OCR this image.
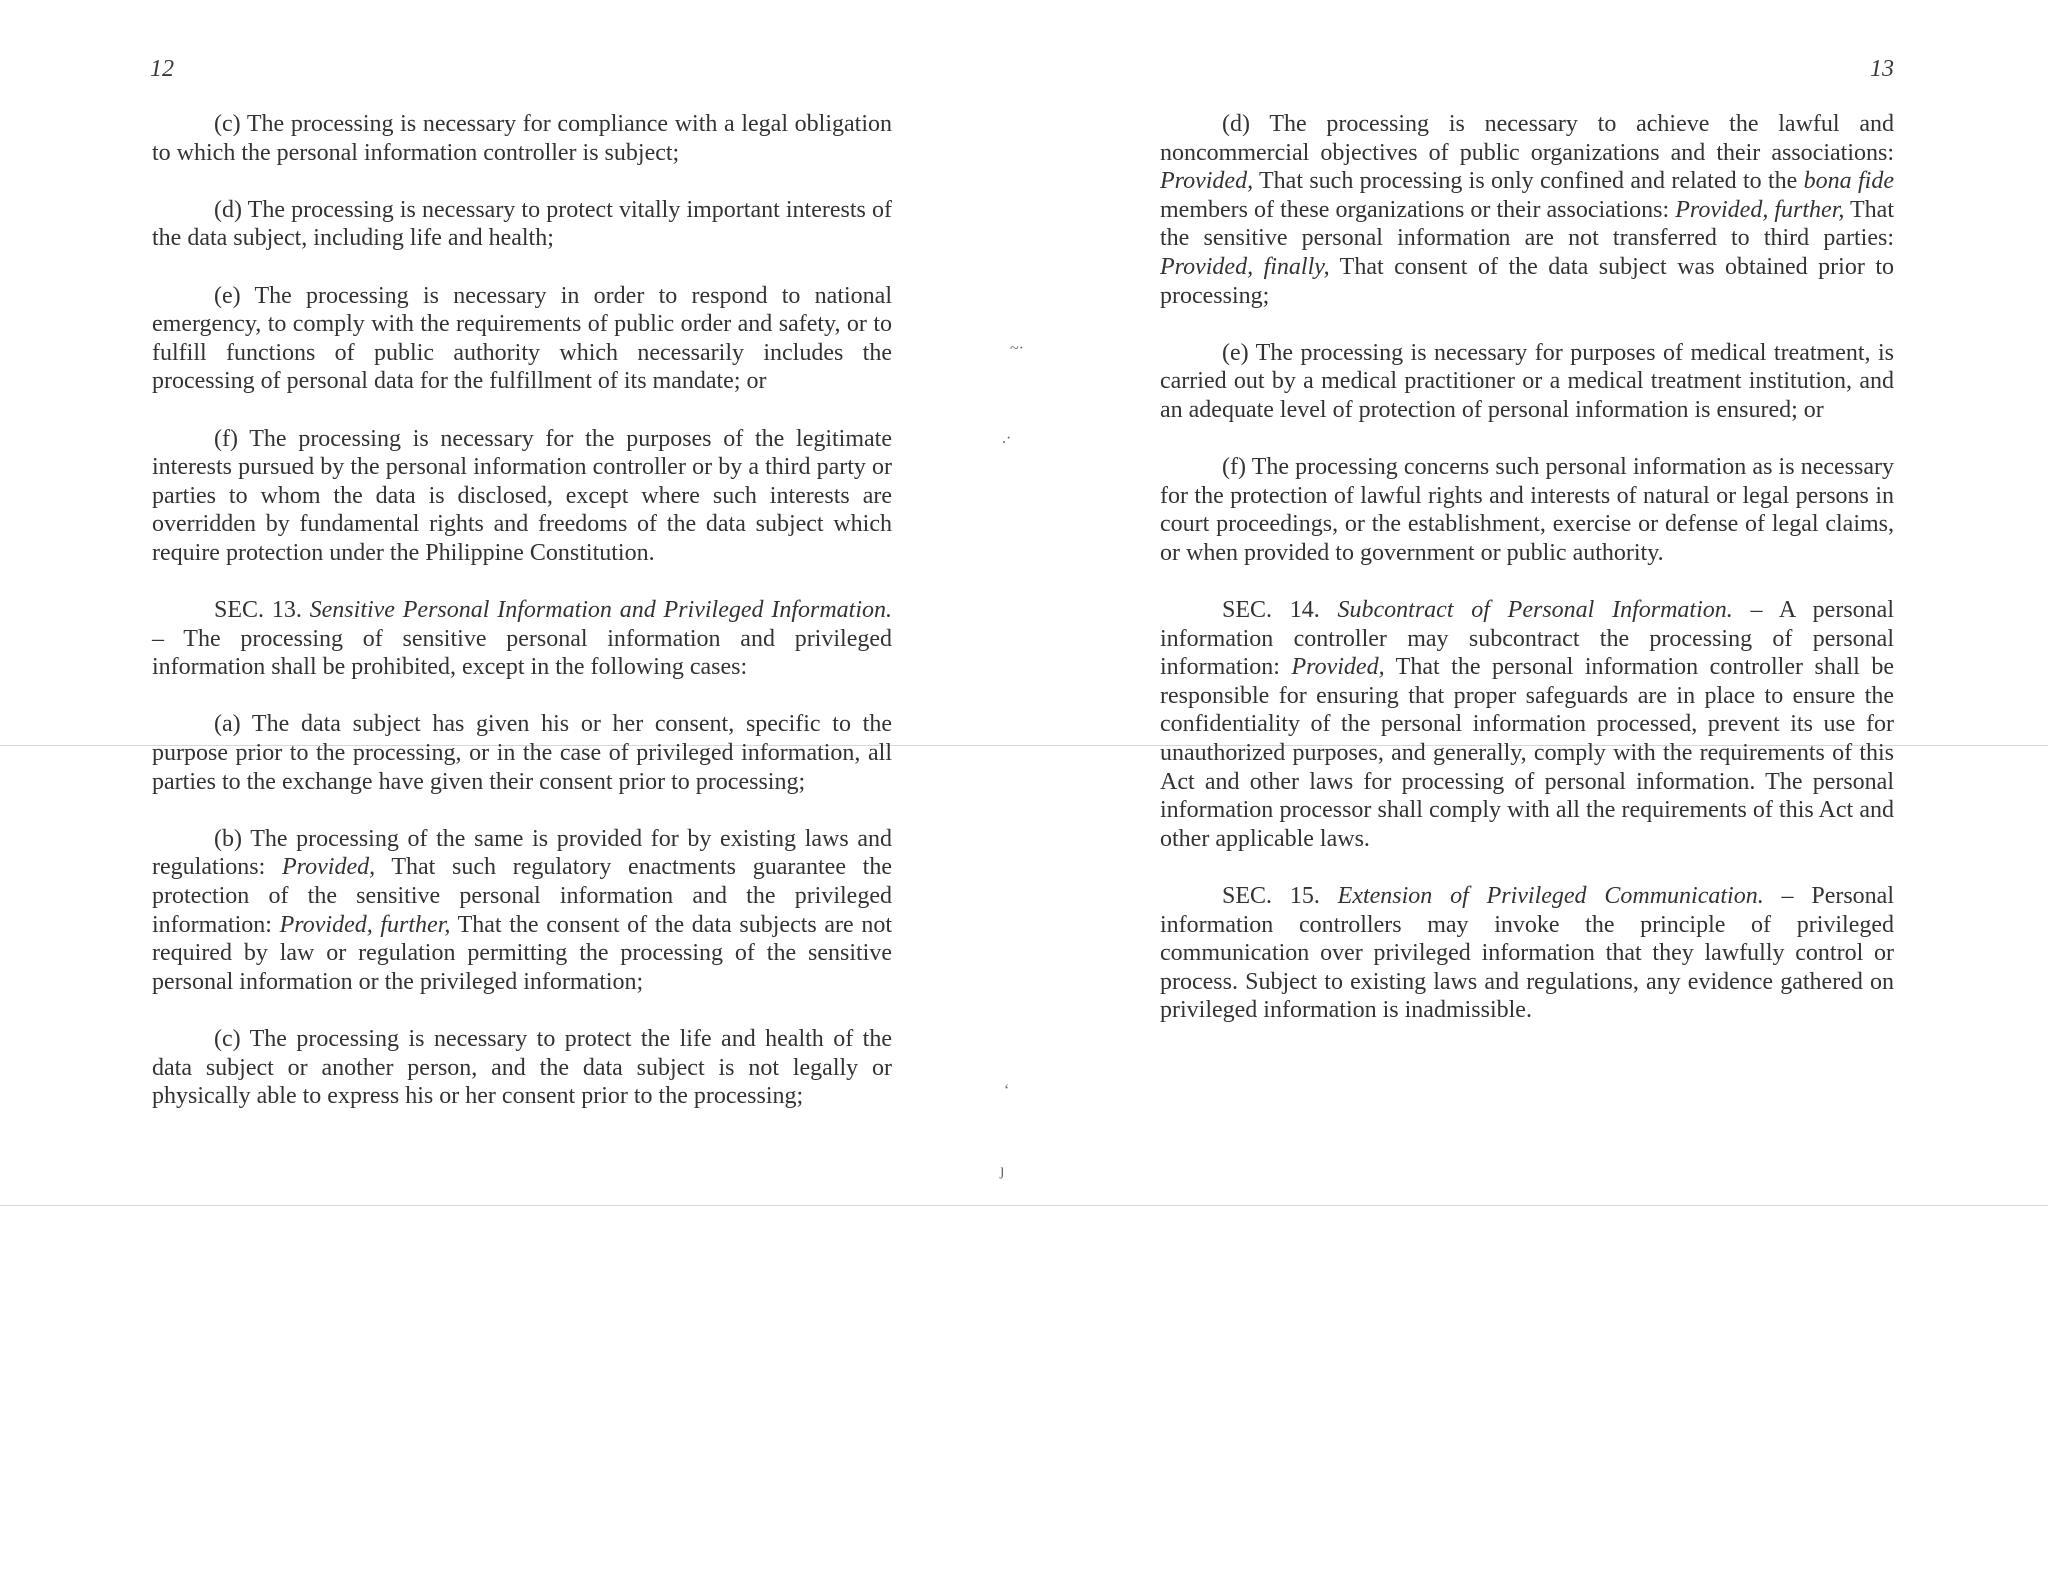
12	13
~·
.·
ʻ
ȷ

(c) The processing is necessary for compliance with a legal obligation to which the personal information controller is subject;

(d) The processing is necessary to protect vitally important interests of the data subject, including life and health;

(e) The processing is necessary in order to respond to national emergency, to comply with the requirements of public order and safety, or to fulfill functions of public authority which necessarily includes the processing of personal data for the fulfillment of its mandate; or

(f) The processing is necessary for the purposes of the legitimate interests pursued by the personal information controller or by a third party or parties to whom the data is disclosed, except where such interests are overridden by fundamental rights and freedoms of the data subject which require protection under the Philippine Constitution.

SEC. 13. Sensitive Personal Information and Privileged Information. – The processing of sensitive personal information and privileged information shall be prohibited, except in the following cases:

(a) The data subject has given his or her consent, specific to the purpose prior to the processing, or in the case of privileged information, all parties to the exchange have given their consent prior to processing;

(b) The processing of the same is provided for by existing laws and regulations: Provided, That such regulatory enactments guarantee the protection of the sensitive personal information and the privileged information: Provided, further, That the consent of the data subjects are not required by law or regulation permitting the processing of the sensitive personal information or the privileged information;

(c) The processing is necessary to protect the life and health of the data subject or another person, and the data subject is not legally or physically able to express his or her consent prior to the processing;

(d) The processing is necessary to achieve the lawful and noncommercial objectives of public organizations and their associations: Provided, That such processing is only confined and related to the bona fide members of these organizations or their associations: Provided, further, That the sensitive personal information are not transferred to third parties: Provided, finally, That consent of the data subject was obtained prior to processing;

(e) The processing is necessary for purposes of medical treatment, is carried out by a medical practitioner or a medical treatment institution, and an adequate level of protection of personal information is ensured; or

(f) The processing concerns such personal information as is necessary for the protection of lawful rights and interests of natural or legal persons in court proceedings, or the establishment, exercise or defense of legal claims, or when provided to government or public authority.

SEC. 14. Subcontract of Personal Information. – A personal information controller may subcontract the processing of personal information: Provided, That the personal information controller shall be responsible for ensuring that proper safeguards are in place to ensure the confidentiality of the personal information processed, prevent its use for unauthorized purposes, and generally, comply with the requirements of this Act and other laws for processing of personal information. The personal information processor shall comply with all the requirements of this Act and other applicable laws.

SEC. 15. Extension of Privileged Communication. – Personal information controllers may invoke the principle of privileged communication over privileged information that they lawfully control or process. Subject to existing laws and regulations, any evidence gathered on privileged information is inadmissible.
